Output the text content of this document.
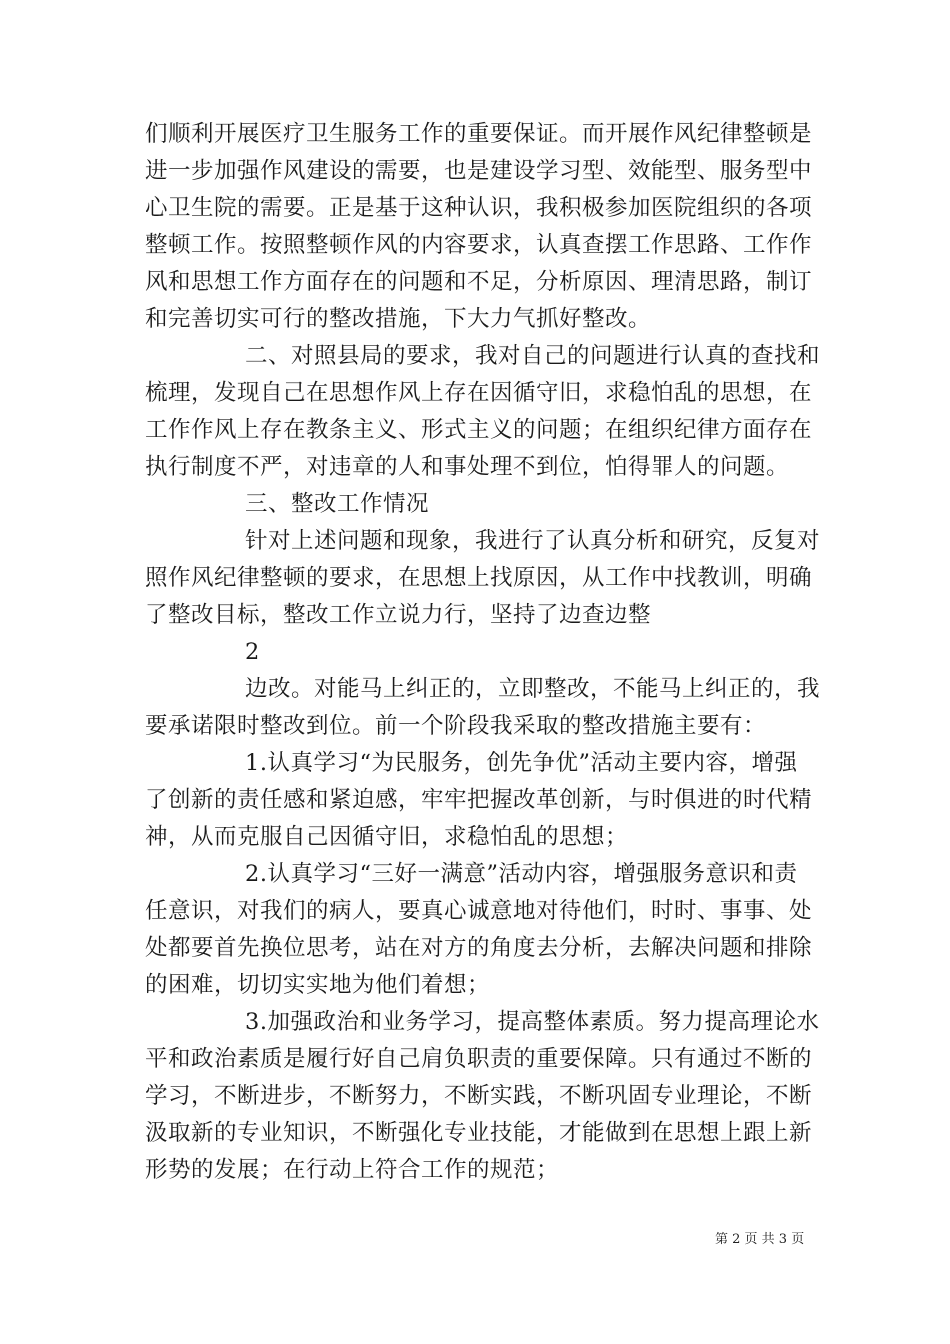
们顺利开展医疗卫生服务工作的重要保证。而开展作风纪律整顿是
进一步加强作风建设的需要，也是建设学习型、效能型、服务型中
心卫生院的需要。正是基于这种认识，我积极参加医院组织的各项
整顿工作。按照整顿作风的内容要求，认真查摆工作思路、工作作
风和思想工作方面存在的问题和不足，分析原因、理清思路，制订
和完善切实可行的整改措施，下大力气抓好整改。
二、对照县局的要求，我对自己的问题进行认真的查找和
梳理，发现自己在思想作风上存在因循守旧，求稳怕乱的思想，在
工作作风上存在教条主义、形式主义的问题；在组织纪律方面存在
执行制度不严，对违章的人和事处理不到位，怕得罪人的问题。
三、整改工作情况
针对上述问题和现象，我进行了认真分析和研究，反复对
照作风纪律整顿的要求，在思想上找原因，从工作中找教训，明确
了整改目标，整改工作立说力行，坚持了边查边整
2
边改。对能马上纠正的，立即整改，不能马上纠正的，我
要承诺限时整改到位。前一个阶段我采取的整改措施主要有：
1.认真学习“为民服务，创先争优”活动主要内容，增强
了创新的责任感和紧迫感，牢牢把握改革创新，与时俱进的时代精
神，从而克服自己因循守旧，求稳怕乱的思想；
2.认真学习“三好一满意”活动内容，增强服务意识和责
任意识，对我们的病人，要真心诚意地对待他们，时时、事事、处
处都要首先换位思考，站在对方的角度去分析，去解决问题和排除
的困难，切切实实地为他们着想；
3.加强政治和业务学习，提高整体素质。努力提高理论水
平和政治素质是履行好自己肩负职责的重要保障。只有通过不断的
学习，不断进步，不断努力，不断实践，不断巩固专业理论，不断
汲取新的专业知识，不断强化专业技能，才能做到在思想上跟上新
形势的发展；在行动上符合工作的规范；
第 2 页 共 3 页
